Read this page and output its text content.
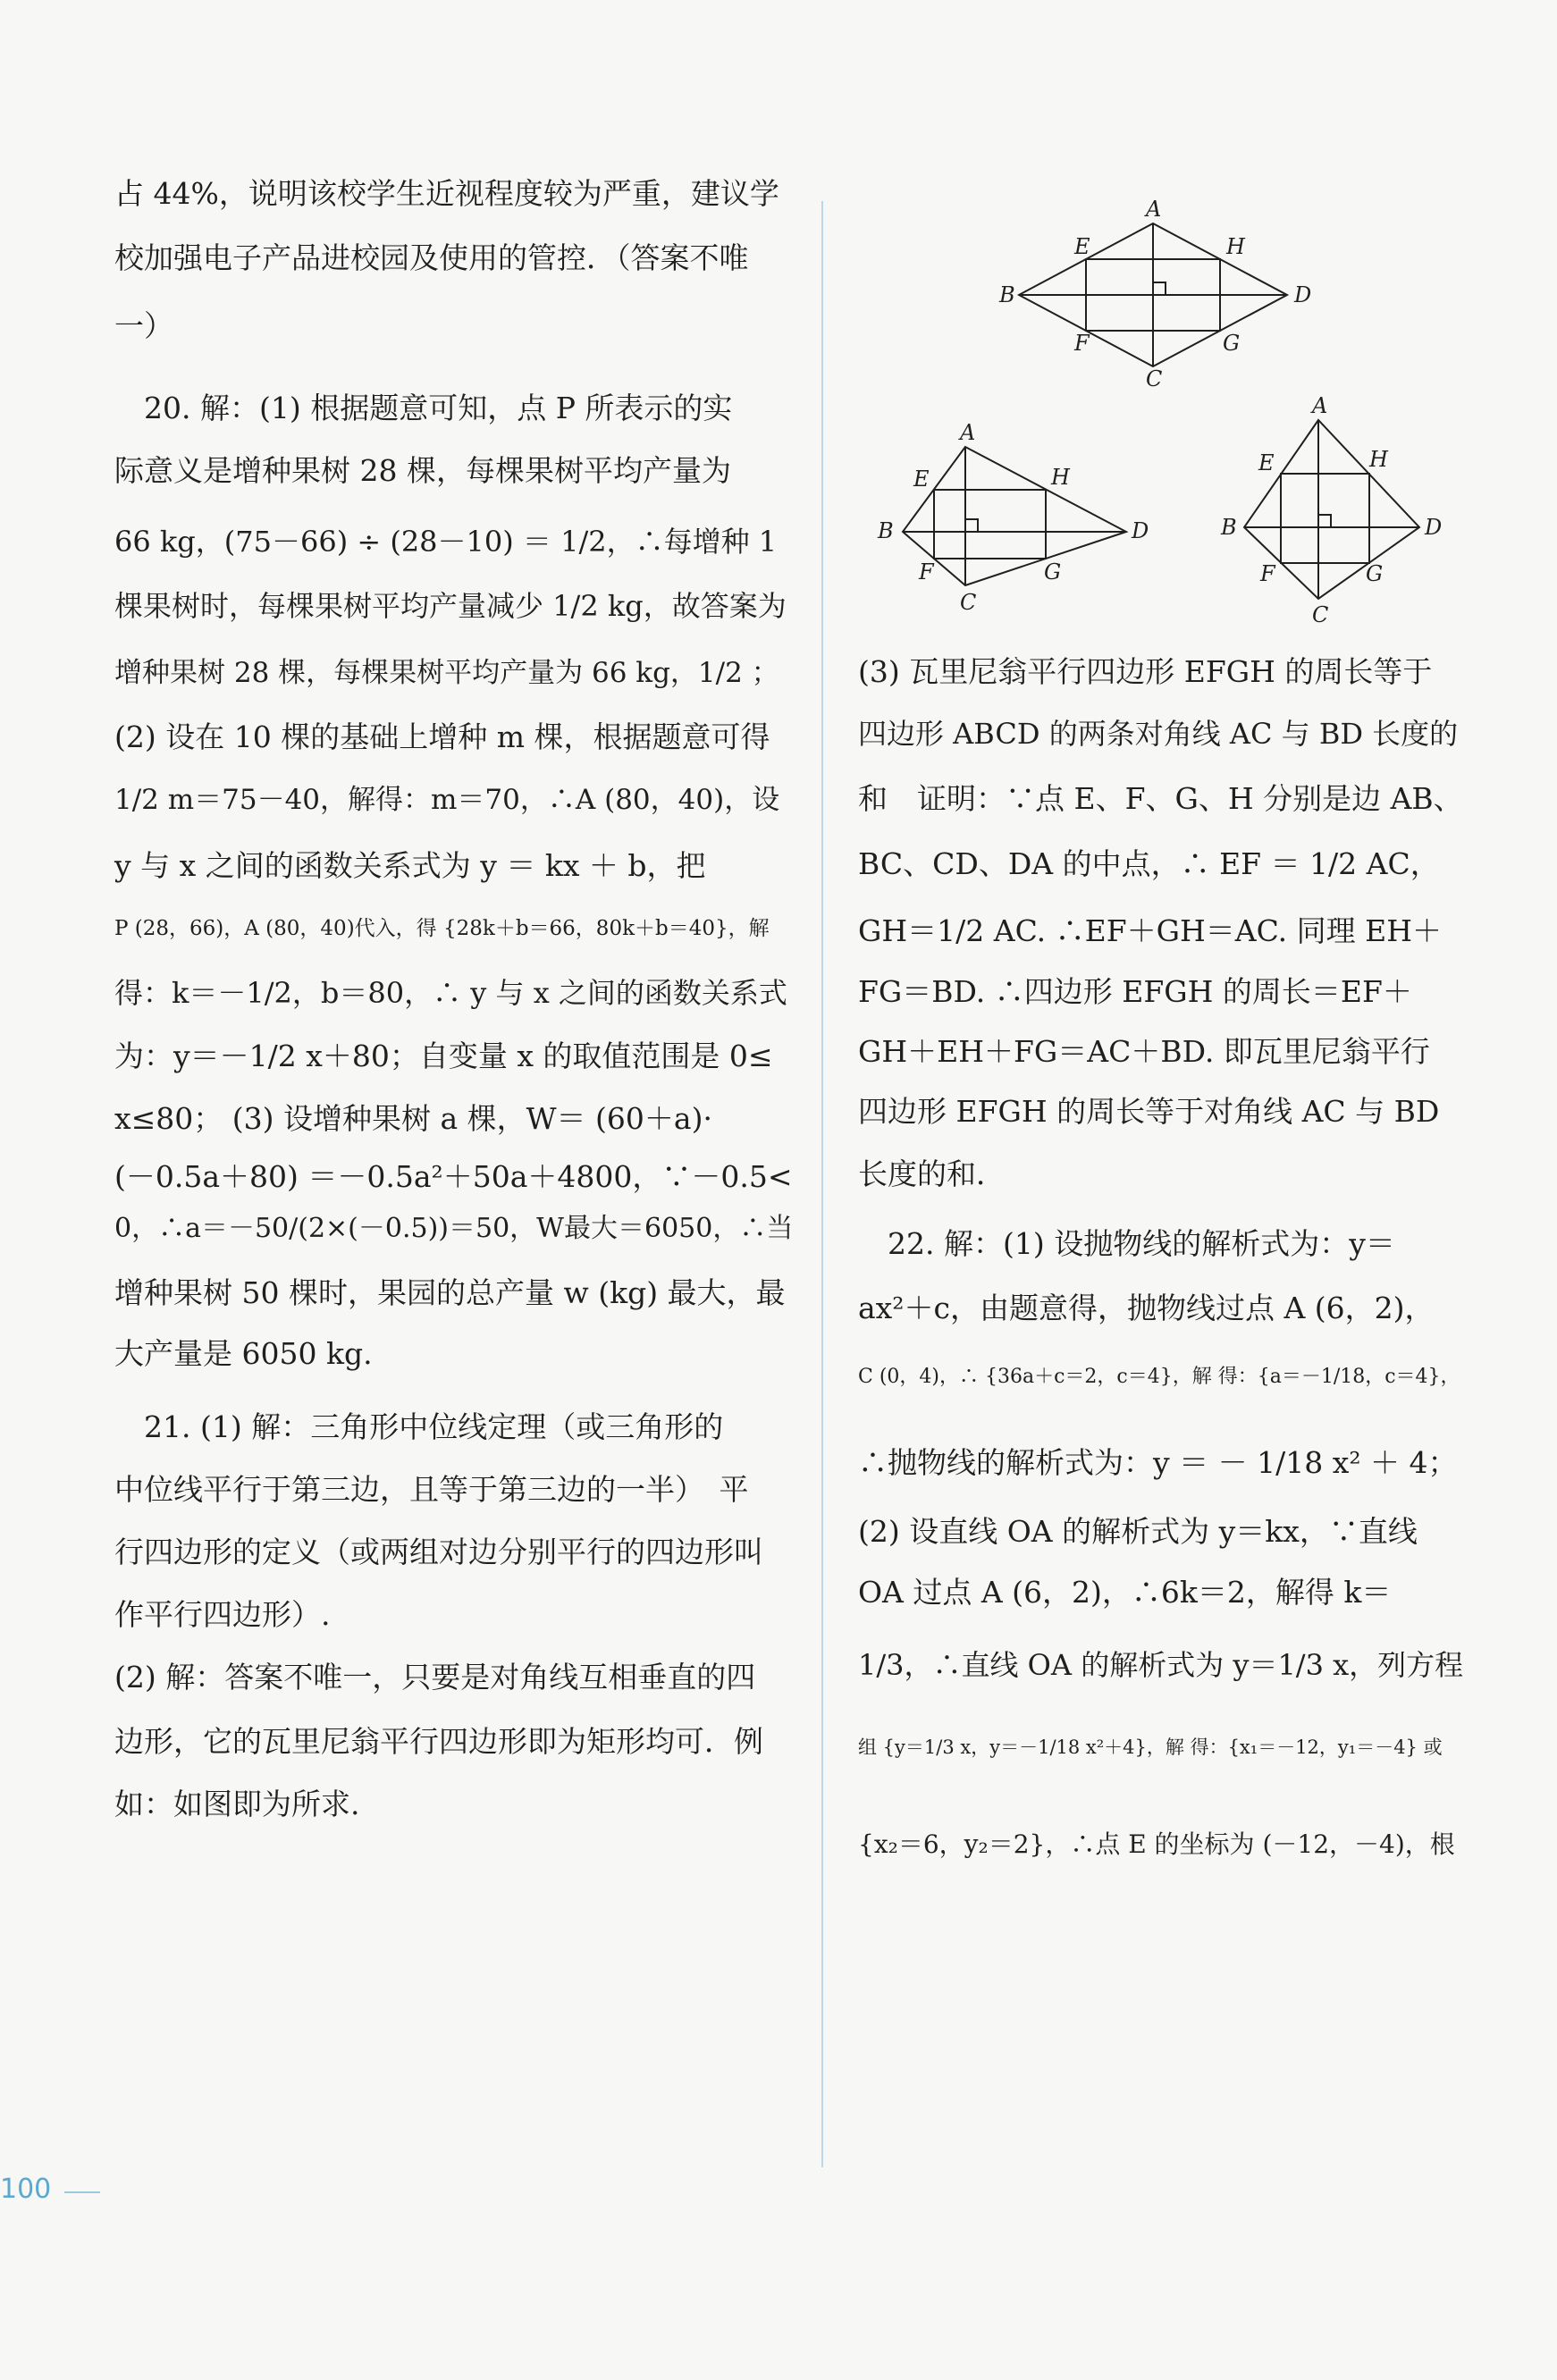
占 44%，说明该校学生近视程度较为严重，建议学
校加强电子产品进校园及使用的管控．（答案不唯
一）
　20. 解：(1) 根据题意可知，点 P 所表示的实
际意义是增种果树 28 棵，每棵果树平均产量为
66 kg，(75－66) ÷ (28－10) ＝ 1/2，∴每增种 1
棵果树时，每棵果树平均产量减少 1/2 kg，故答案为
增种果树 28 棵，每棵果树平均产量为 66 kg，1/2 ；
(2) 设在 10 棵的基础上增种 m 棵，根据题意可得
1/2 m＝75－40，解得：m＝70，∴A (80，40)，设
y 与 x 之间的函数关系式为 y ＝ kx ＋ b，把
P (28，66)，A (80，40)代入，得 {28k＋b＝66，80k＋b＝40}，解
得：k＝－1/2，b＝80，∴ y 与 x 之间的函数关系式
为：y＝－1/2 x＋80；自变量 x 的取值范围是 0≤
x≤80； (3) 设增种果树 a 棵，W＝ (60＋a)·
(－0.5a＋80) ＝－0.5a²＋50a＋4800，∵－0.5<
0，∴a＝－50/(2×(－0.5))＝50，W最大＝6050，∴当
增种果树 50 棵时，果园的总产量 w (kg) 最大，最
大产量是 6050 kg.
　21. (1) 解：三角形中位线定理（或三角形的
中位线平行于第三边，且等于第三边的一半）　平
行四边形的定义（或两组对边分别平行的四边形叫
作平行四边形）.
(2) 解：答案不唯一，只要是对角线互相垂直的四
边形，它的瓦里尼翁平行四边形即为矩形均可．例
如：如图即为所求.
(3) 瓦里尼翁平行四边形 EFGH 的周长等于
四边形 ABCD 的两条对角线 AC 与 BD 长度的
和　证明：∵点 E、F、G、H 分别是边 AB、
BC、CD、DA 的中点，∴ EF ＝ 1/2 AC，
GH＝1/2 AC. ∴EF＋GH＝AC. 同理 EH＋
FG＝BD. ∴四边形 EFGH 的周长＝EF＋
GH＋EH＋FG＝AC＋BD. 即瓦里尼翁平行
四边形 EFGH 的周长等于对角线 AC 与 BD
长度的和．
　22. 解：(1) 设抛物线的解析式为：y＝
ax²＋c，由题意得，抛物线过点 A (6，2)，
C (0，4)，∴ {36a＋c＝2，c＝4}，解 得：{a＝－1/18，c＝4}，
∴抛物线的解析式为：y ＝ － 1/18 x² ＋ 4；
(2) 设直线 OA 的解析式为 y＝kx，∵直线
OA 过点 A (6，2)，∴6k＝2，解得 k＝
1/3，∴直线 OA 的解析式为 y＝1/3 x，列方程
组 {y＝1/3 x，y＝－1/18 x²＋4}，解 得：{x₁＝－12，y₁＝－4} 或
{x₂＝6，y₂＝2}，∴点 E 的坐标为 (－12，－4)，根
A
B
C
D
E
F	G
H
A
B
C
D
E
F	G
H
A
B
C
D
E
F	G
H
100
